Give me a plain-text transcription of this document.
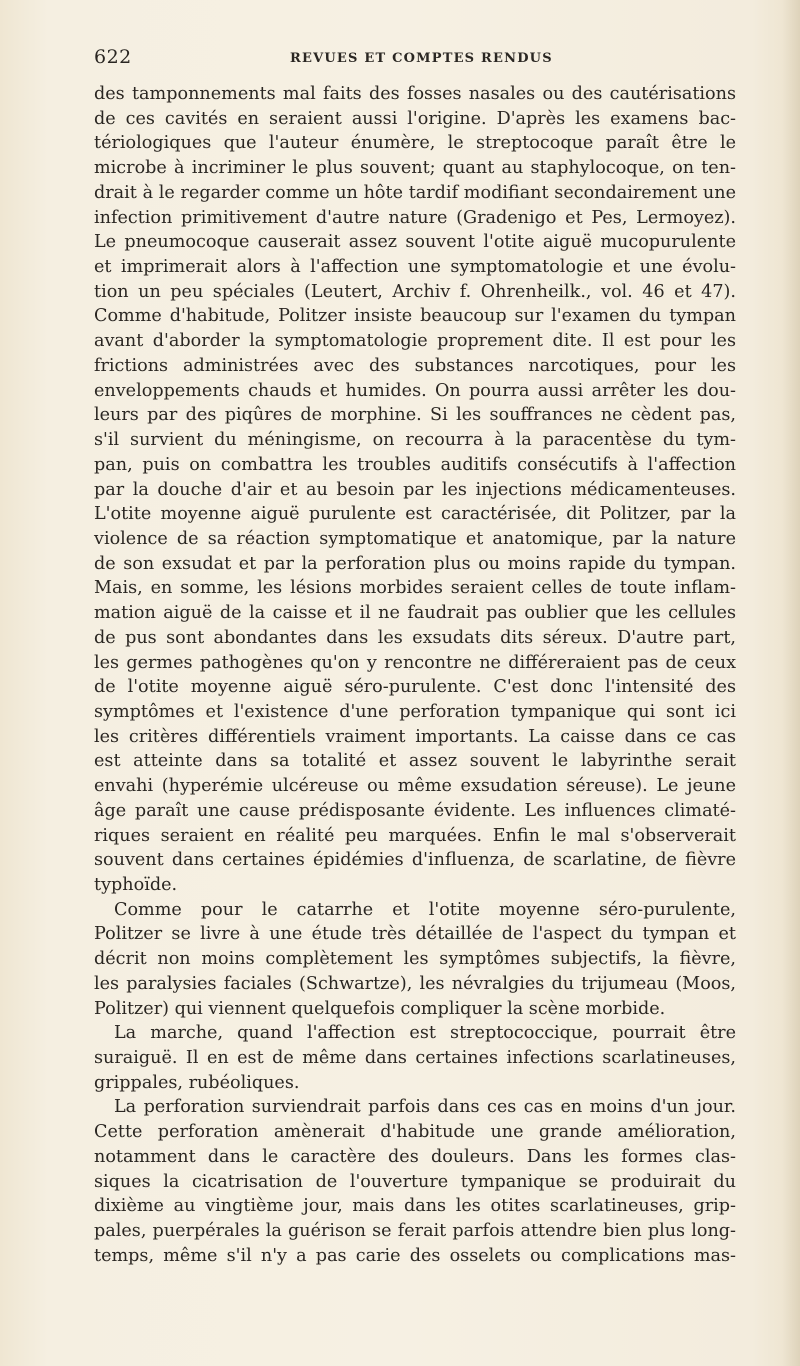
622	REVUES ET COMPTES RENDUS
des tamponnements mal faits des fosses nasales ou des cautérisations
de ces cavités en seraient aussi l'origine. D'après les examens bac-
tériologiques que l'auteur énumère, le streptocoque paraît être le
microbe à incriminer le plus souvent; quant au staphylocoque, on ten-
drait à le regarder comme un hôte tardif modifiant secondairement une
infection primitivement d'autre nature (Gradenigo et Pes, Lermoyez).
Le pneumocoque causerait assez souvent l'otite aiguë mucopurulente
et imprimerait alors à l'affection une symptomatologie et une évolu-
tion un peu spéciales (Leutert, Archiv f. Ohrenheilk., vol. 46 et 47).
Comme d'habitude, Politzer insiste beaucoup sur l'examen du tympan
avant d'aborder la symptomatologie proprement dite. Il est pour les
frictions administrées avec des substances narcotiques, pour les
enveloppements chauds et humides. On pourra aussi arrêter les dou-
leurs par des piqûres de morphine. Si les souffrances ne cèdent pas,
s'il survient du méningisme, on recourra à la paracentèse du tym-
pan, puis on combattra les troubles auditifs consécutifs à l'affection
par la douche d'air et au besoin par les injections médicamenteuses.
L'otite moyenne aiguë purulente est caractérisée, dit Politzer, par la
violence de sa réaction symptomatique et anatomique, par la nature
de son exsudat et par la perforation plus ou moins rapide du tympan.
Mais, en somme, les lésions morbides seraient celles de toute inflam-
mation aiguë de la caisse et il ne faudrait pas oublier que les cellules
de pus sont abondantes dans les exsudats dits séreux. D'autre part,
les germes pathogènes qu'on y rencontre ne différeraient pas de ceux
de l'otite moyenne aiguë séro-purulente. C'est donc l'intensité des
symptômes et l'existence d'une perforation tympanique qui sont ici
les critères différentiels vraiment importants. La caisse dans ce cas
est atteinte dans sa totalité et assez souvent le labyrinthe serait
envahi (hyperémie ulcéreuse ou même exsudation séreuse). Le jeune
âge paraît une cause prédisposante évidente. Les influences climaté-
riques seraient en réalité peu marquées. Enfin le mal s'observerait
souvent dans certaines épidémies d'influenza, de scarlatine, de fièvre
typhoïde.
Comme pour le catarrhe et l'otite moyenne séro-purulente,
Politzer se livre à une étude très détaillée de l'aspect du tympan et
décrit non moins complètement les symptômes subjectifs, la fièvre,
les paralysies faciales (Schwartze), les névralgies du trijumeau (Moos,
Politzer) qui viennent quelquefois compliquer la scène morbide.
La marche, quand l'affection est streptococcique, pourrait être
suraiguë. Il en est de même dans certaines infections scarlatineuses,
grippales, rubéoliques.
La perforation surviendrait parfois dans ces cas en moins d'un jour.
Cette perforation amènerait d'habitude une grande amélioration,
notamment dans le caractère des douleurs. Dans les formes clas-
siques la cicatrisation de l'ouverture tympanique se produirait du
dixième au vingtième jour, mais dans les otites scarlatineuses, grip-
pales, puerpérales la guérison se ferait parfois attendre bien plus long-
temps, même s'il n'y a pas carie des osselets ou complications mas-
